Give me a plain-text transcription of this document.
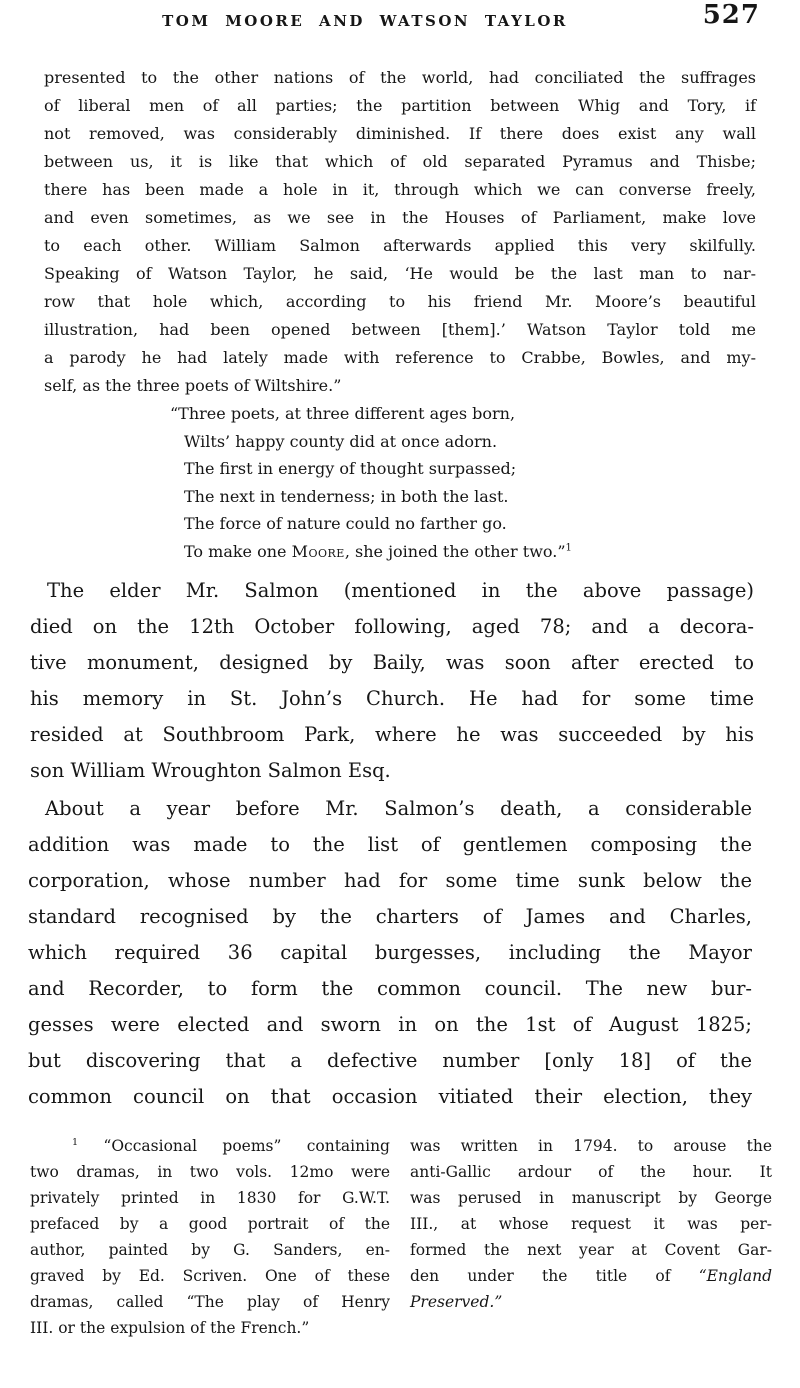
TOM MOORE AND WATSON TAYLOR	527
presented to the other nations of the world, had conciliated the suffrages
of liberal men of all parties; the partition between Whig and Tory, if
not removed, was considerably diminished. If there does exist any wall
between us, it is like that which of old separated Pyramus and Thisbe;
there has been made a hole in it, through which we can converse freely,
and even sometimes, as we see in the Houses of Parliament, make love
to each other. William Salmon afterwards applied this very skilfully.
Speaking of Watson Taylor, he said, ‘He would be the last man to nar-
row that hole which, according to his friend Mr. Moore’s beautiful
illustration, had been opened between [them].’ Watson Taylor told me
a parody he had lately made with reference to Crabbe, Bowles, and my-
self, as the three poets of Wiltshire.”
“Three poets, at three different ages born,
Wilts’ happy county did at once adorn.
The first in energy of thought surpassed;
The next in tenderness; in both the last.
The force of nature could no farther go.
To make one Moore, she joined the other two.”$^1$
The elder Mr. Salmon (mentioned in the above passage)
died on the 12th October following, aged 78; and a decora-
tive monument, designed by Baily, was soon after erected to
his memory in St. John’s Church. He had for some time
resided at Southbroom Park, where he was succeeded by his
son William Wroughton Salmon Esq.
About a year before Mr. Salmon’s death, a considerable
addition was made to the list of gentlemen composing the
corporation, whose number had for some time sunk below the
standard recognised by the charters of James and Charles,
which required 36 capital burgesses, including the Mayor
and Recorder, to form the common council. The new bur-
gesses were elected and sworn in on the 1st of August 1825;
but discovering that a defective number [only 18] of the
common council on that occasion vitiated their election, they
$^1$ “Occasional poems” containing
two dramas, in two vols. 12mo were
privately printed in 1830 for G.W.T.
prefaced by a good portrait of the
author, painted by G. Sanders, en-
graved by Ed. Scriven. One of these
dramas, called “The play of Henry
III. or the expulsion of the French.”
was written in 1794. to arouse the
anti-Gallic ardour of the hour. It
was perused in manuscript by George
III., at whose request it was per-
formed the next year at Covent Gar-
den under the title of “England
Preserved.”
